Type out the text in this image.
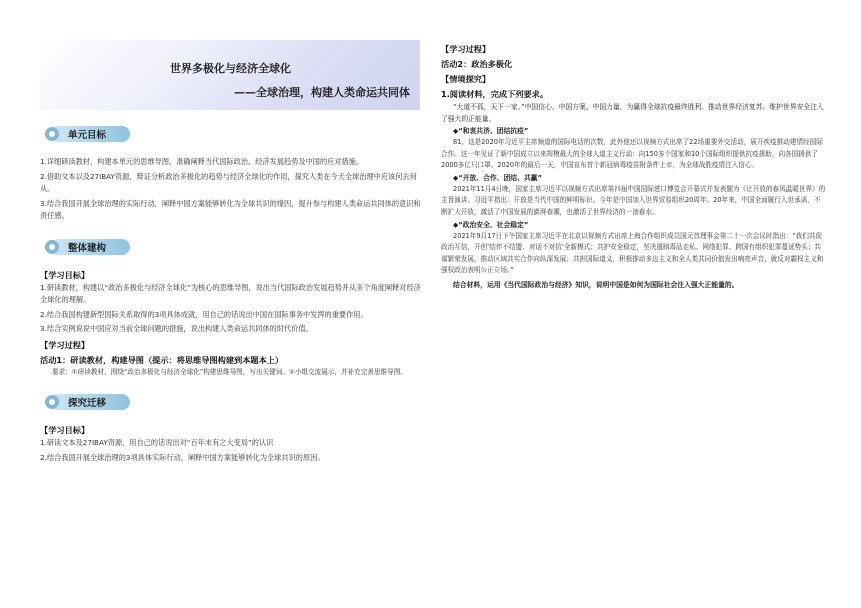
世界多极化与经济全球化
——全球治理，构建人类命运共同体
单元目标

1.详细研读教材，构建本单元的思维导图，准确阐释当代国际政治、经济发展趋势及中国的应对措施。

2.借助文本以及27IBAY资源，辩证分析政治多极化的趋势与经济全球化的作用，探究人类在今天全球治理中应该何去何从。

3.结合我国开展全球治理的实际行动，阐释中国方案能够转化为全球共识的缘因，提升参与构建人类命运共同体的意识和责任感。

整体建构
【学习目标】

1.研读教材，构建以“政治多极化与经济全球化”为核心的思维导图，说出当代国际政治发展趋势并从多个角度阐释对经济全球化的理解。

2.结合我国构建新型国际关系取得的3项具体成就，用自己的话说出中国在国际事务中发挥的重要作用。

3.结合实例说说中国应对当前全球问题的措施，说出构建人类命运共同体的时代价值。

【学习过程】
活动1：研读教材，构建导图（提示：将思维导图构建到本题本上）

要求：①研读教材，围绕“政治多极化与经济全球化”构建思维导图，写出关键词。②小组交流展示，并补充完善思维导图。

探究迁移
【学习目标】

1.研读文本及27IBAY资源，用自己的话说出对“百年未有之大变局”的认识

2.结合我国开展全球治理的3项具体实际行动，阐释中国方案能够转化为全球共识的原因。

【学习过程】
活动2：政治多极化
【情境探究】
1.阅读材料，完成下列要求。

“大道不孤，天下一家。”中国信心、中国方案、中国力量，为赢得全球抗疫最终胜利、推动世界经济复苏、维护世界安全注入了强大的正能量。

◆“和衷共济、团结抗疫”

81，这是2020年习近平主席频道的国际电话的次数，此外他还以视频方式出席了22场重要外交活动，展开疾疫推动建情经国际合作。这一年见证了新中国成立以来规模最大的全球人道主义行动：向150多个国家和10个国际组织提供抗疫援助，向各国援供了2000多亿只口罩。2020年的最后一天，中国宣布首个新冠病毒疫苗附条件上市，为全球战胜疫情注入信心。

◆“开放、合作、团结、共赢”

2021年11月4日晚，国家主席习近平以视频方式出席第四届中国国际进口博览会开幕式并发表题为《让开放的春风温暖世界》的主旨演讲。习近平指出：开放是当代中国的鲜明标识。今年是中国加入世界贸易组织20周年。20年来，中国全面履行入世承诺，不断扩大开放，激活了中国发展的澎湃春潮，也激活了世界经济的一池春水。

◆“政治安全、社会稳定”

2021年9月17日下午国家主席习近平在北京以视频方式出席上海合作组织成员国元首理事会第二十一次会议时指出：“我们共促政治互信，开创‘结伴不结盟、对话不对抗’全新模式；共护安全稳定，坚决遏制毒品走私、网络犯罪、跨国有组织犯罪蔓延势头；共谋繁荣发展，推动区域共实合作向纵深发展；共担国际道义，积极推动多边主义和全人类共同价值发出响亮声音，就反对霸权主义和强权政治表明公正立场。”

结合材料，运用《当代国际政治与经济》知识，说明中国是如何为国际社会注入强大正能量的。
